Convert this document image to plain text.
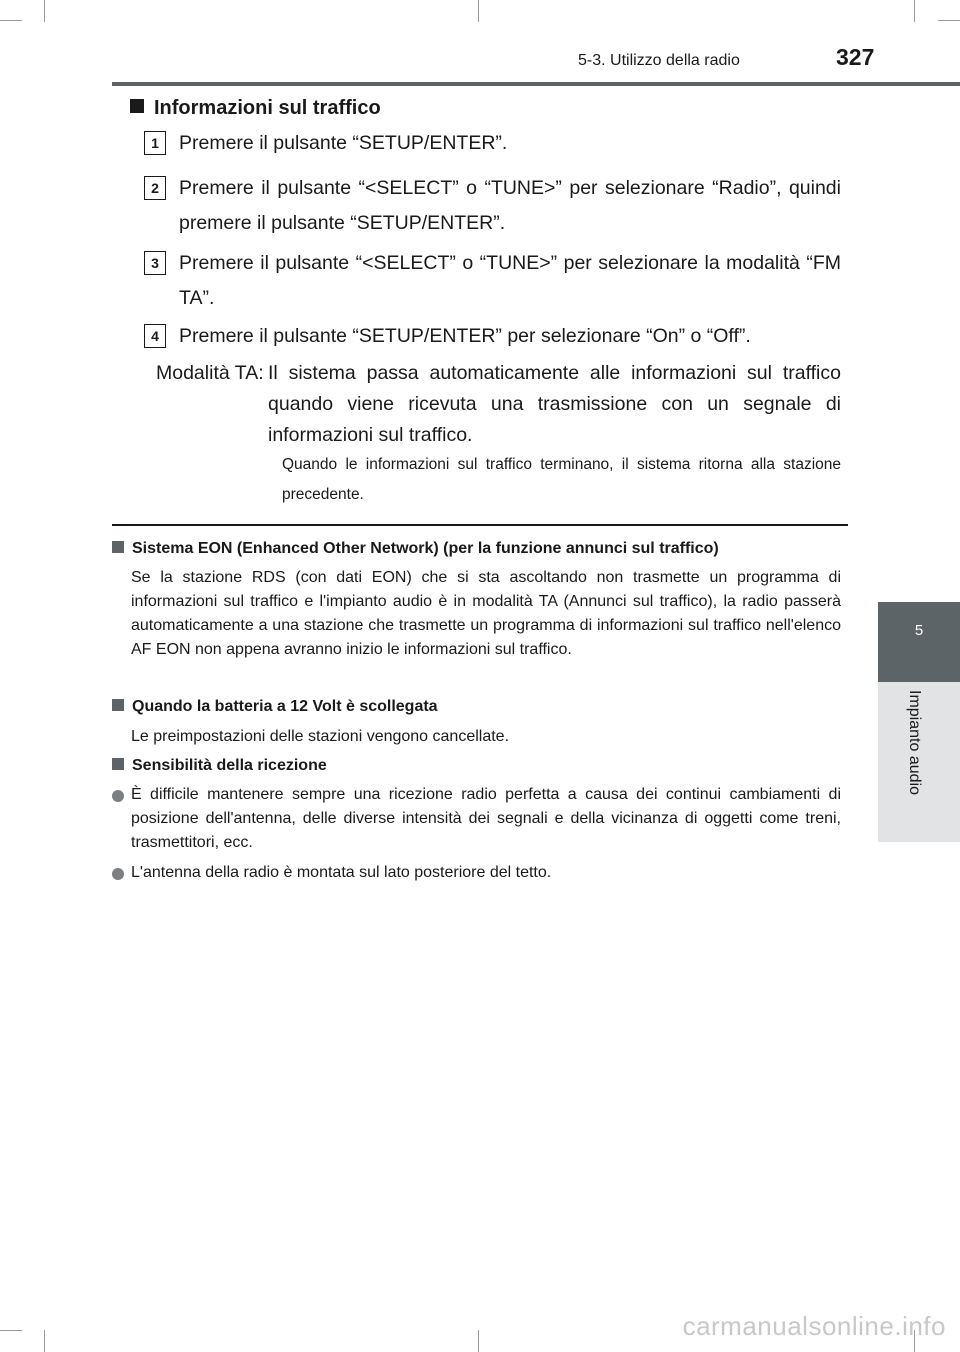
5-3. Utilizzo della radio	327
5
Impianto audio
Informazioni sul traffico
1	Premere il pulsante “SETUP/ENTER”.
2	Premere il pulsante “<SELECT” o “TUNE>” per selezionare “Radio”, quindi premere il pulsante “SETUP/ENTER”.
3	Premere il pulsante “<SELECT” o “TUNE>” per selezionare la modalità “FM TA”.
4	Premere il pulsante “SETUP/ENTER” per selezionare “On” o “Off”.
Modalità TA: Il sistema passa automaticamente alle informazioni sul traffico quando viene ricevuta una trasmissione con un segnale di informazioni sul traffico.
Quando le informazioni sul traffico terminano, il sistema ritorna alla stazione precedente.
Sistema EON (Enhanced Other Network) (per la funzione annunci sul traffico)
Se la stazione RDS (con dati EON) che si sta ascoltando non trasmette un programma di informazioni sul traffico e l'impianto audio è in modalità TA (Annunci sul traffico), la radio passerà automaticamente a una stazione che trasmette un programma di informazioni sul traffico nell'elenco AF EON non appena avranno inizio le informazioni sul traffico.
Quando la batteria a 12 Volt è scollegata
Le preimpostazioni delle stazioni vengono cancellate.
Sensibilità della ricezione
È difficile mantenere sempre una ricezione radio perfetta a causa dei continui cambiamenti di posizione dell'antenna, delle diverse intensità dei segnali e della vicinanza di oggetti come treni, trasmettitori, ecc.
L'antenna della radio è montata sul lato posteriore del tetto.
carmanualsonline.info
